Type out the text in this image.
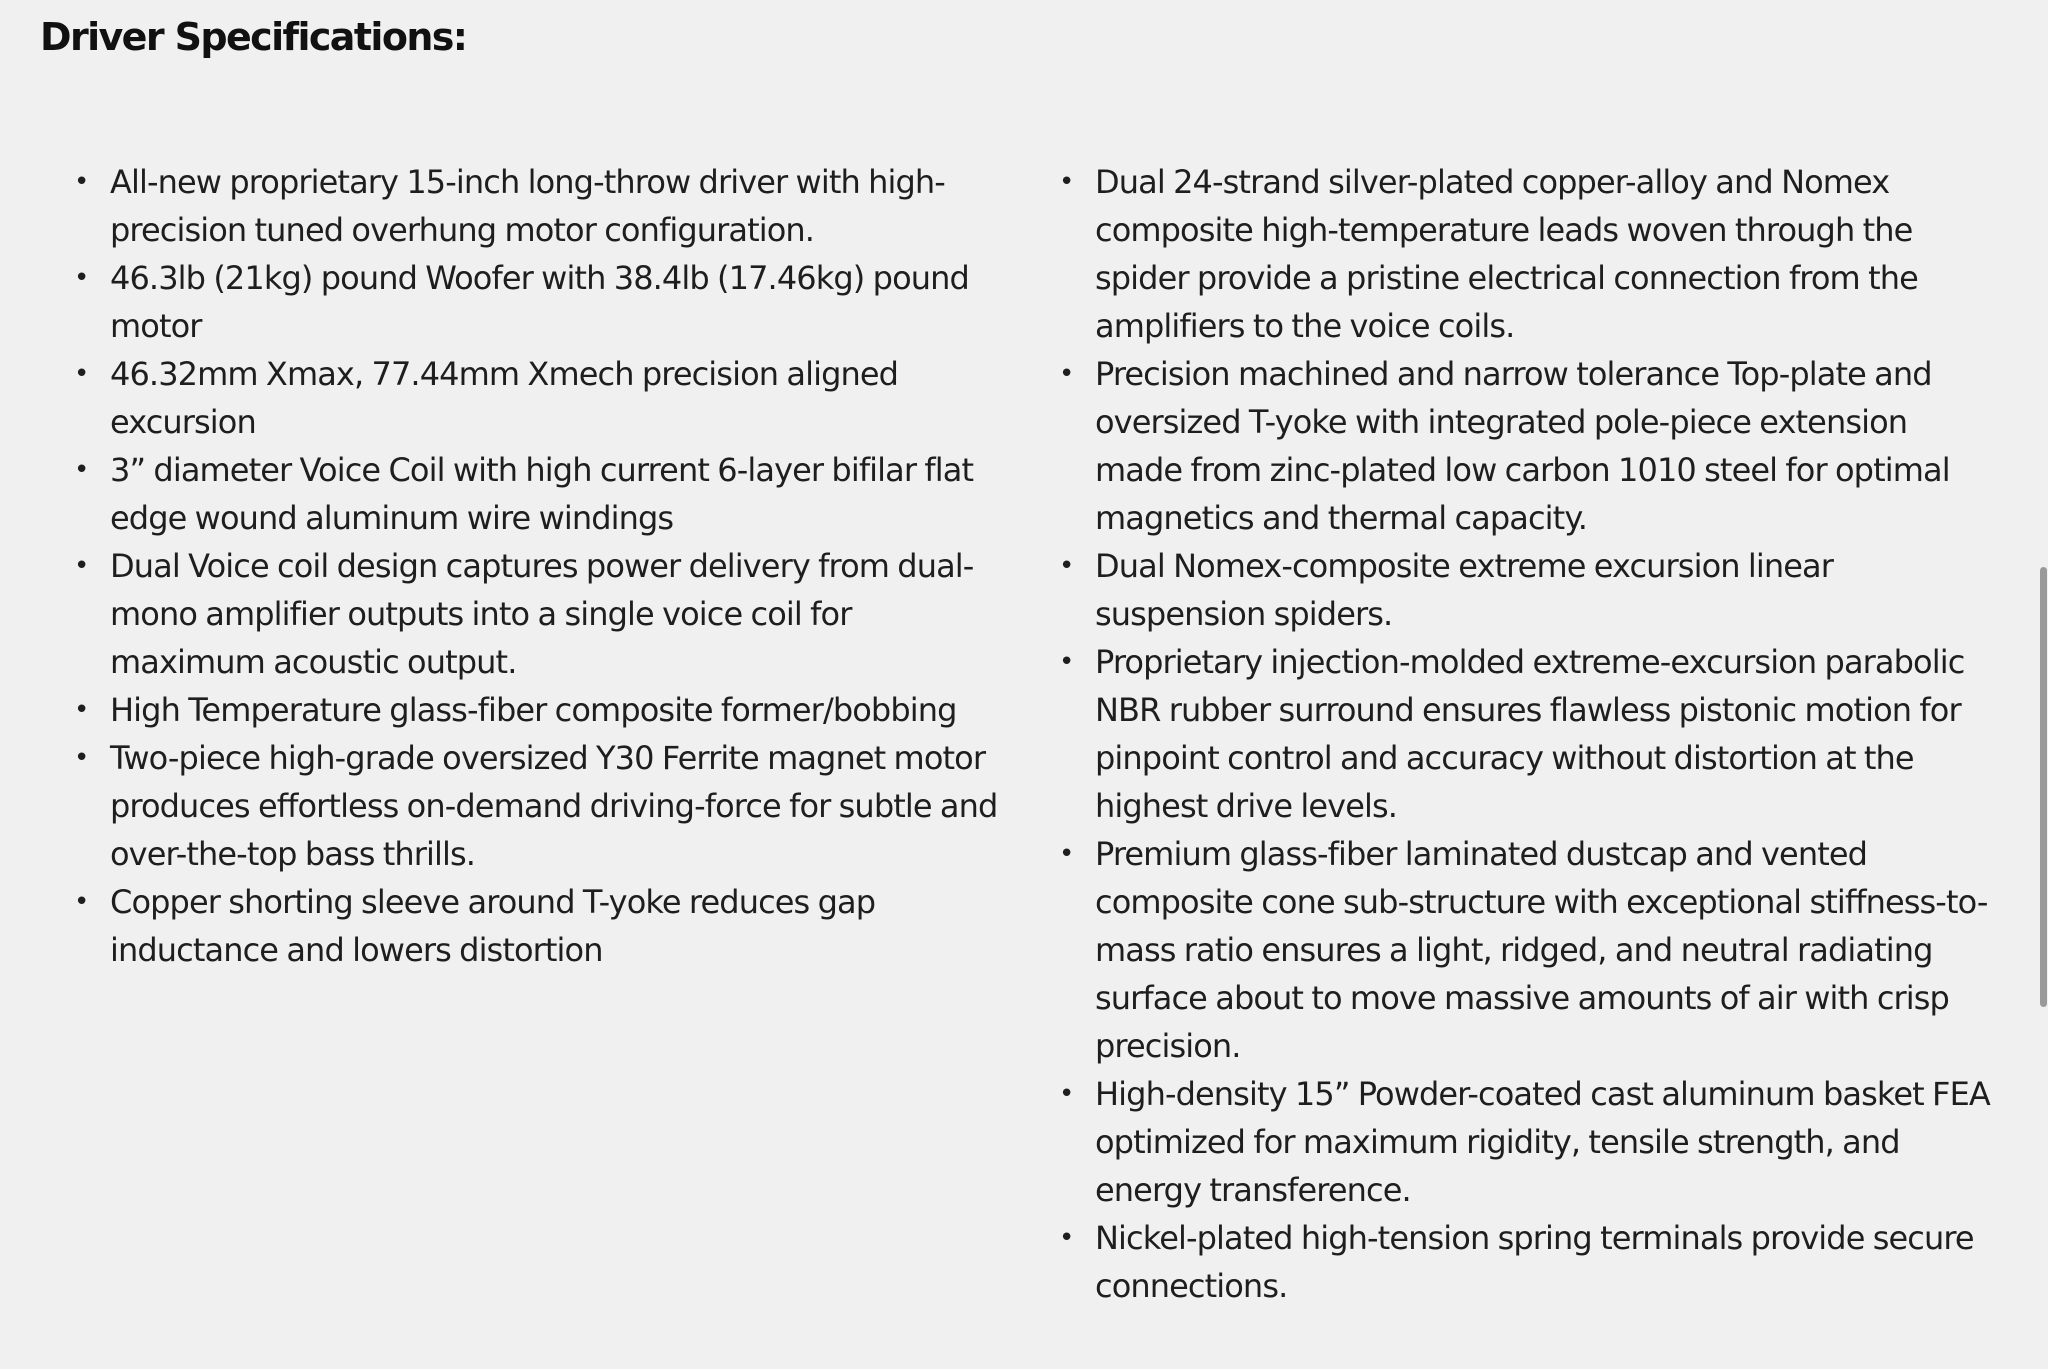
Driver Specifications:
• All-new proprietary 15-inch long-throw driver with high-precision tuned overhung motor configuration.
• 46.3lb (21kg) pound Woofer with 38.4lb (17.46kg) pound motor
• 46.32mm Xmax, 77.44mm Xmech precision aligned excursion
• 3” diameter Voice Coil with high current 6-layer bifilar flat edge wound aluminum wire windings
• Dual Voice coil design captures power delivery from dual-mono amplifier outputs into a single voice coil for maximum acoustic output.
• High Temperature glass-fiber composite former/bobbing
• Two-piece high-grade oversized Y30 Ferrite magnet motor produces effortless on-demand driving-force for subtle and over-the-top bass thrills.
• Copper shorting sleeve around T-yoke reduces gap inductance and lowers distortion
• Dual 24-strand silver-plated copper-alloy and Nomex composite high-temperature leads woven through the spider provide a pristine electrical connection from the amplifiers to the voice coils.
• Precision machined and narrow tolerance Top-plate and oversized T-yoke with integrated pole-piece extension made from zinc-plated low carbon 1010 steel for optimal magnetics and thermal capacity.
• Dual Nomex-composite extreme excursion linear suspension spiders.
• Proprietary injection-molded extreme-excursion parabolic NBR rubber surround ensures flawless pistonic motion for pinpoint control and accuracy without distortion at the highest drive levels.
• Premium glass-fiber laminated dustcap and vented composite cone sub-structure with exceptional stiffness-to-mass ratio ensures a light, ridged, and neutral radiating surface about to move massive amounts of air with crisp precision.
• High-density 15” Powder-coated cast aluminum basket FEA optimized for maximum rigidity, tensile strength, and energy transference.
• Nickel-plated high-tension spring terminals provide secure connections.
